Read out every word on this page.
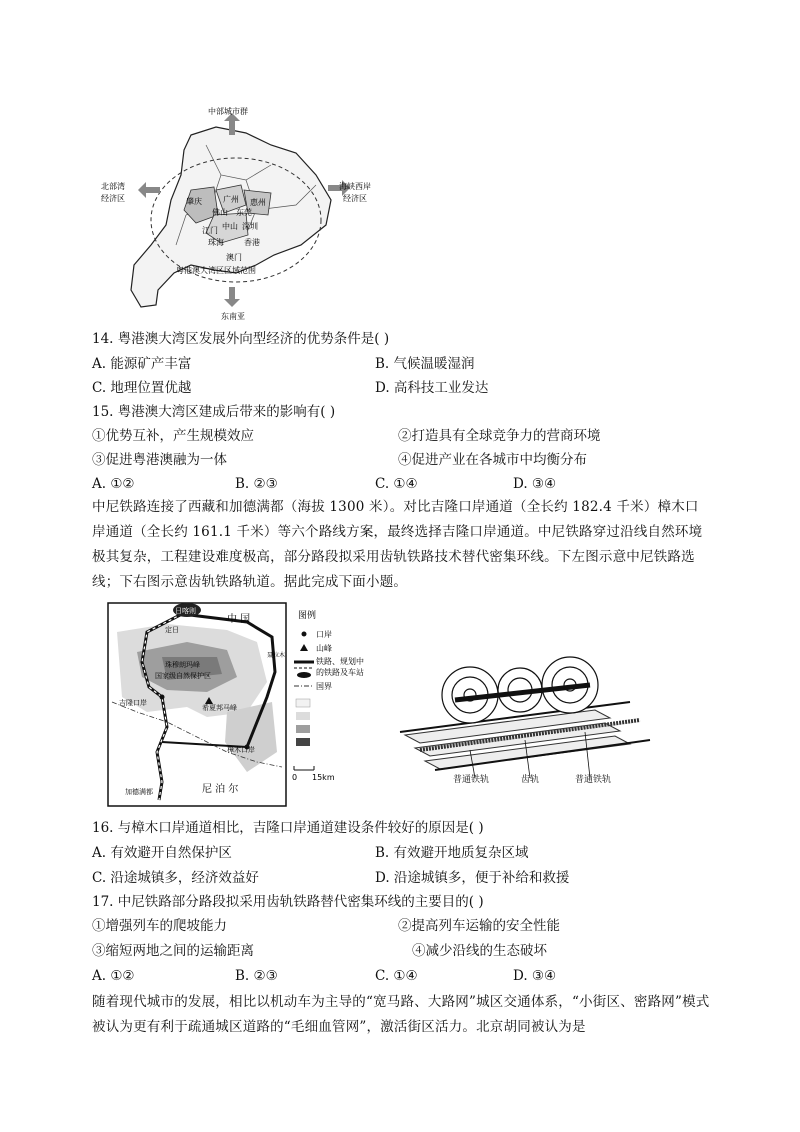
中部城市群
北部湾
经济区
海峡西岸
经济区
东南亚
肇庆	广州 惠州
佛山 东莞
中山 深圳
江门
珠海	香港
澳门
粤港澳大湾区区域范围
14. 粤港澳大湾区发展外向型经济的优势条件是( )
A. 能源矿产丰富	B. 气候温暖湿润
C. 地理位置优越	D. 高科技工业发达
15. 粤港澳大湾区建成后带来的影响有( )
①优势互补，产生规模效应	②打造具有全球竞争力的营商环境
③促进粤港澳融为一体	④促进产业在各城市中均衡分布
A. ①②	B. ②③	C. ①④	D. ③④
中尼铁路连接了西藏和加德满都（海拔 1300 米）。对比吉隆口岸通道（全长约 182.4 千米）樟木口岸通道（全长约 161.1 千米）等六个路线方案，最终选择吉隆口岸通道。中尼铁路穿过沿线自然环境极其复杂，工程建设难度极高，部分路段拟采用齿轨铁路技术替代密集环线。下左图示意中尼铁路选线；下右图示意齿轨铁路轨道。据此完成下面小题。
日喀则
中 国
定日
聂拉木
珠穆朗玛峰
国家级自然保护区
希夏邦马峰
吉隆口岸
樟木口岸
加德满都	尼 泊 尔
图例
口岸
山峰
铁路、规划中
的铁路及车站
国界
0 15km	普通铁轨	齿轨	普通铁轨
16. 与樟木口岸通道相比，吉隆口岸通道建设条件较好的原因是( )
A. 有效避开自然保护区	B. 有效避开地质复杂区域
C. 沿途城镇多，经济效益好	D. 沿途城镇多，便于补给和救援
17. 中尼铁路部分路段拟采用齿轨铁路替代密集环线的主要目的( )
①增强列车的爬坡能力	②提高列车运输的安全性能
③缩短两地之间的运输距离	④减少沿线的生态破坏
A. ①②	B. ②③	C. ①④	D. ③④
随着现代城市的发展，相比以机动车为主导的“宽马路、大路网”城区交通体系，“小街区、密路网”模式被认为更有利于疏通城区道路的“毛细血管网”，激活街区活力。北京胡同被认为是
